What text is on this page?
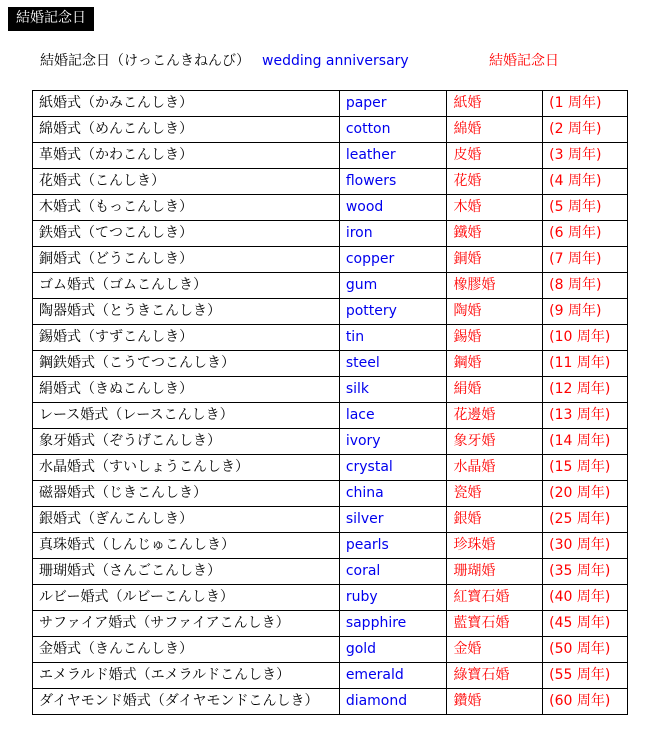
結婚記念日
結婚記念日（けっこんきねんび） wedding anniversary	結婚記念日
紙婚式（かみこんしき）	paper	紙婚	(1 周年)
綿婚式（めんこんしき）	cotton	綿婚	(2 周年)
革婚式（かわこんしき）	leather	皮婚	(3 周年)
花婚式（こんしき）	flowers	花婚	(4 周年)
木婚式（もっこんしき）	wood	木婚	(5 周年)
鉄婚式（てつこんしき）	iron	鐵婚	(6 周年)
銅婚式（どうこんしき）	copper	銅婚	(7 周年)
ゴム婚式（ゴムこんしき）	gum	橡膠婚	(8 周年)
陶器婚式（とうきこんしき）	pottery	陶婚	(9 周年)
錫婚式（すずこんしき）	tin	錫婚	(10 周年)
鋼鉄婚式（こうてつこんしき）	steel	鋼婚	(11 周年)
絹婚式（きぬこんしき）	silk	絹婚	(12 周年)
レース婚式（レースこんしき）	lace	花邊婚	(13 周年)
象牙婚式（ぞうげこんしき）	ivory	象牙婚	(14 周年)
水晶婚式（すいしょうこんしき）	crystal	水晶婚	(15 周年)
磁器婚式（じきこんしき）	china	瓷婚	(20 周年)
銀婚式（ぎんこんしき）	silver	銀婚	(25 周年)
真珠婚式（しんじゅこんしき）	pearls	珍珠婚	(30 周年)
珊瑚婚式（さんごこんしき）	coral	珊瑚婚	(35 周年)
ルビー婚式（ルビーこんしき）	ruby	紅寶石婚	(40 周年)
サファイア婚式（サファイアこんしき）	sapphire	藍寶石婚	(45 周年)
金婚式（きんこんしき）	gold	金婚	(50 周年)
エメラルド婚式（エメラルドこんしき）	emerald	綠寶石婚	(55 周年)
ダイヤモンド婚式（ダイヤモンドこんしき）	diamond	鑽婚	(60 周年)
